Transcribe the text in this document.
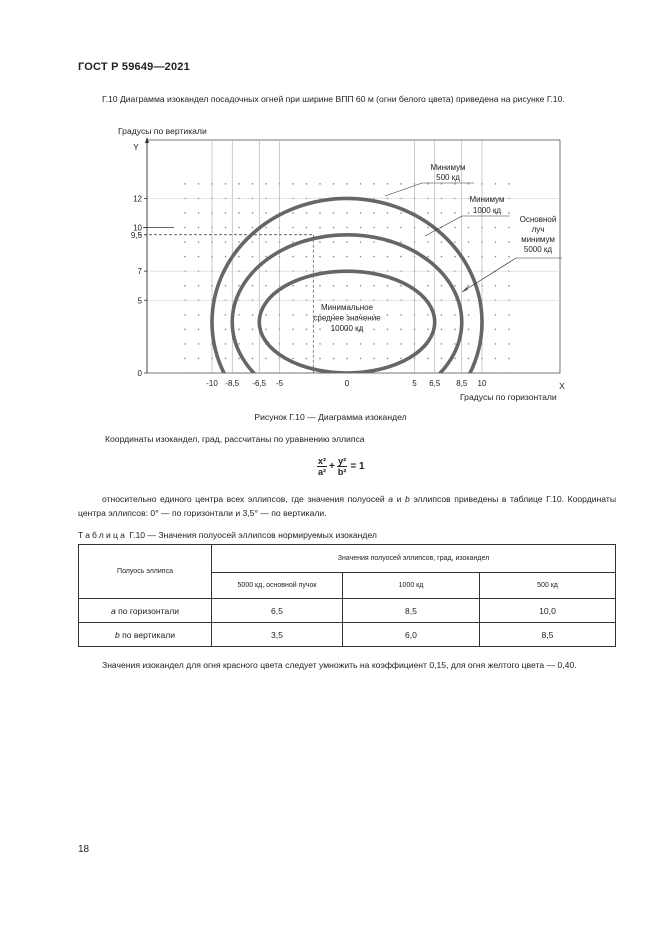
ГОСТ Р 59649—2021
Г.10 Диаграмма изокандел посадочных огней при ширине ВПП 60 м (огни белого цвета) приведена на рисунке Г.10.
Градусы по вертикали
Y
0
5
7
9,5
10
12
-10 -8,5 -6,5 -5	0	5 6,5 8,5 10	X
Минимальное
среднее значение
10000 кд
Минимум
500 кд
Минимум
1000 кд
Основной
луч
минимум
5000 кд
Градусы по горизонтали
Рисунок Г.10 — Диаграмма изокандел
Координаты изокандел, град, рассчитаны по уравнению эллипса
$\frac{\text{x²}}{\text{a²}} + \frac{\text{y²}}{\text{b²}} = 1$
относительно единого центра всех эллипсов, где значения полуосей a и b эллипсов приведены в таблице Г.10. Координаты центра эллипсов: 0° — по горизонтали и 3,5° — по вертикали.
Таблица Г.10 — Значения полуосей эллипсов нормируемых изокандел
Полуось эллипса	Значения полуосей эллипсов, град, изокандел		
	5000 кд, основной пучок	1000 кд	500 кд
a по горизонтали	6,5	8,5	10,0
b по вертикали	3,5	6,0	8,5
Значения изокандел для огня красного цвета следует умножить на коэффициент 0,15, для огня желтого цвета — 0,40.
18
